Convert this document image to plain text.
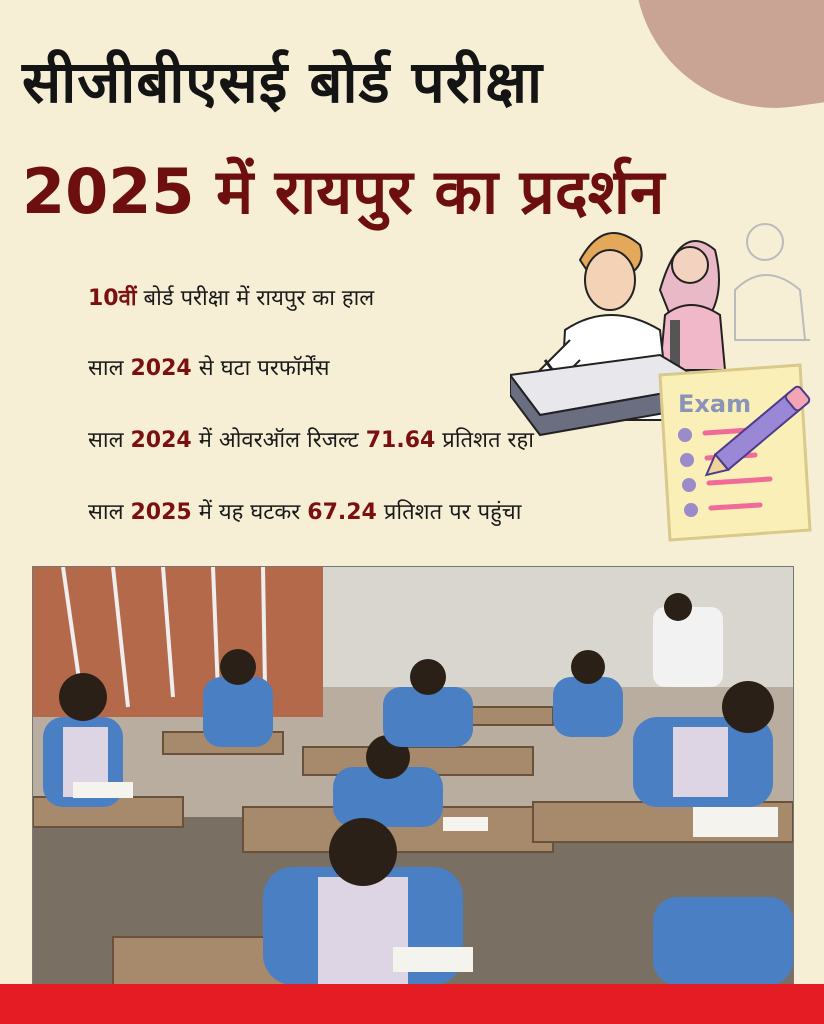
सीजीबीएसई बोर्ड परीक्षा
2025 में रायपुर का प्रदर्शन
10वीं बोर्ड परीक्षा में रायपुर का हाल
साल 2024 से घटा परफॉर्मेंस
साल 2024 में ओवरऑल रिजल्ट 71.64 प्रतिशत रहा
साल 2025 में यह घटकर 67.24 प्रतिशत पर पहुंचा
Exam
